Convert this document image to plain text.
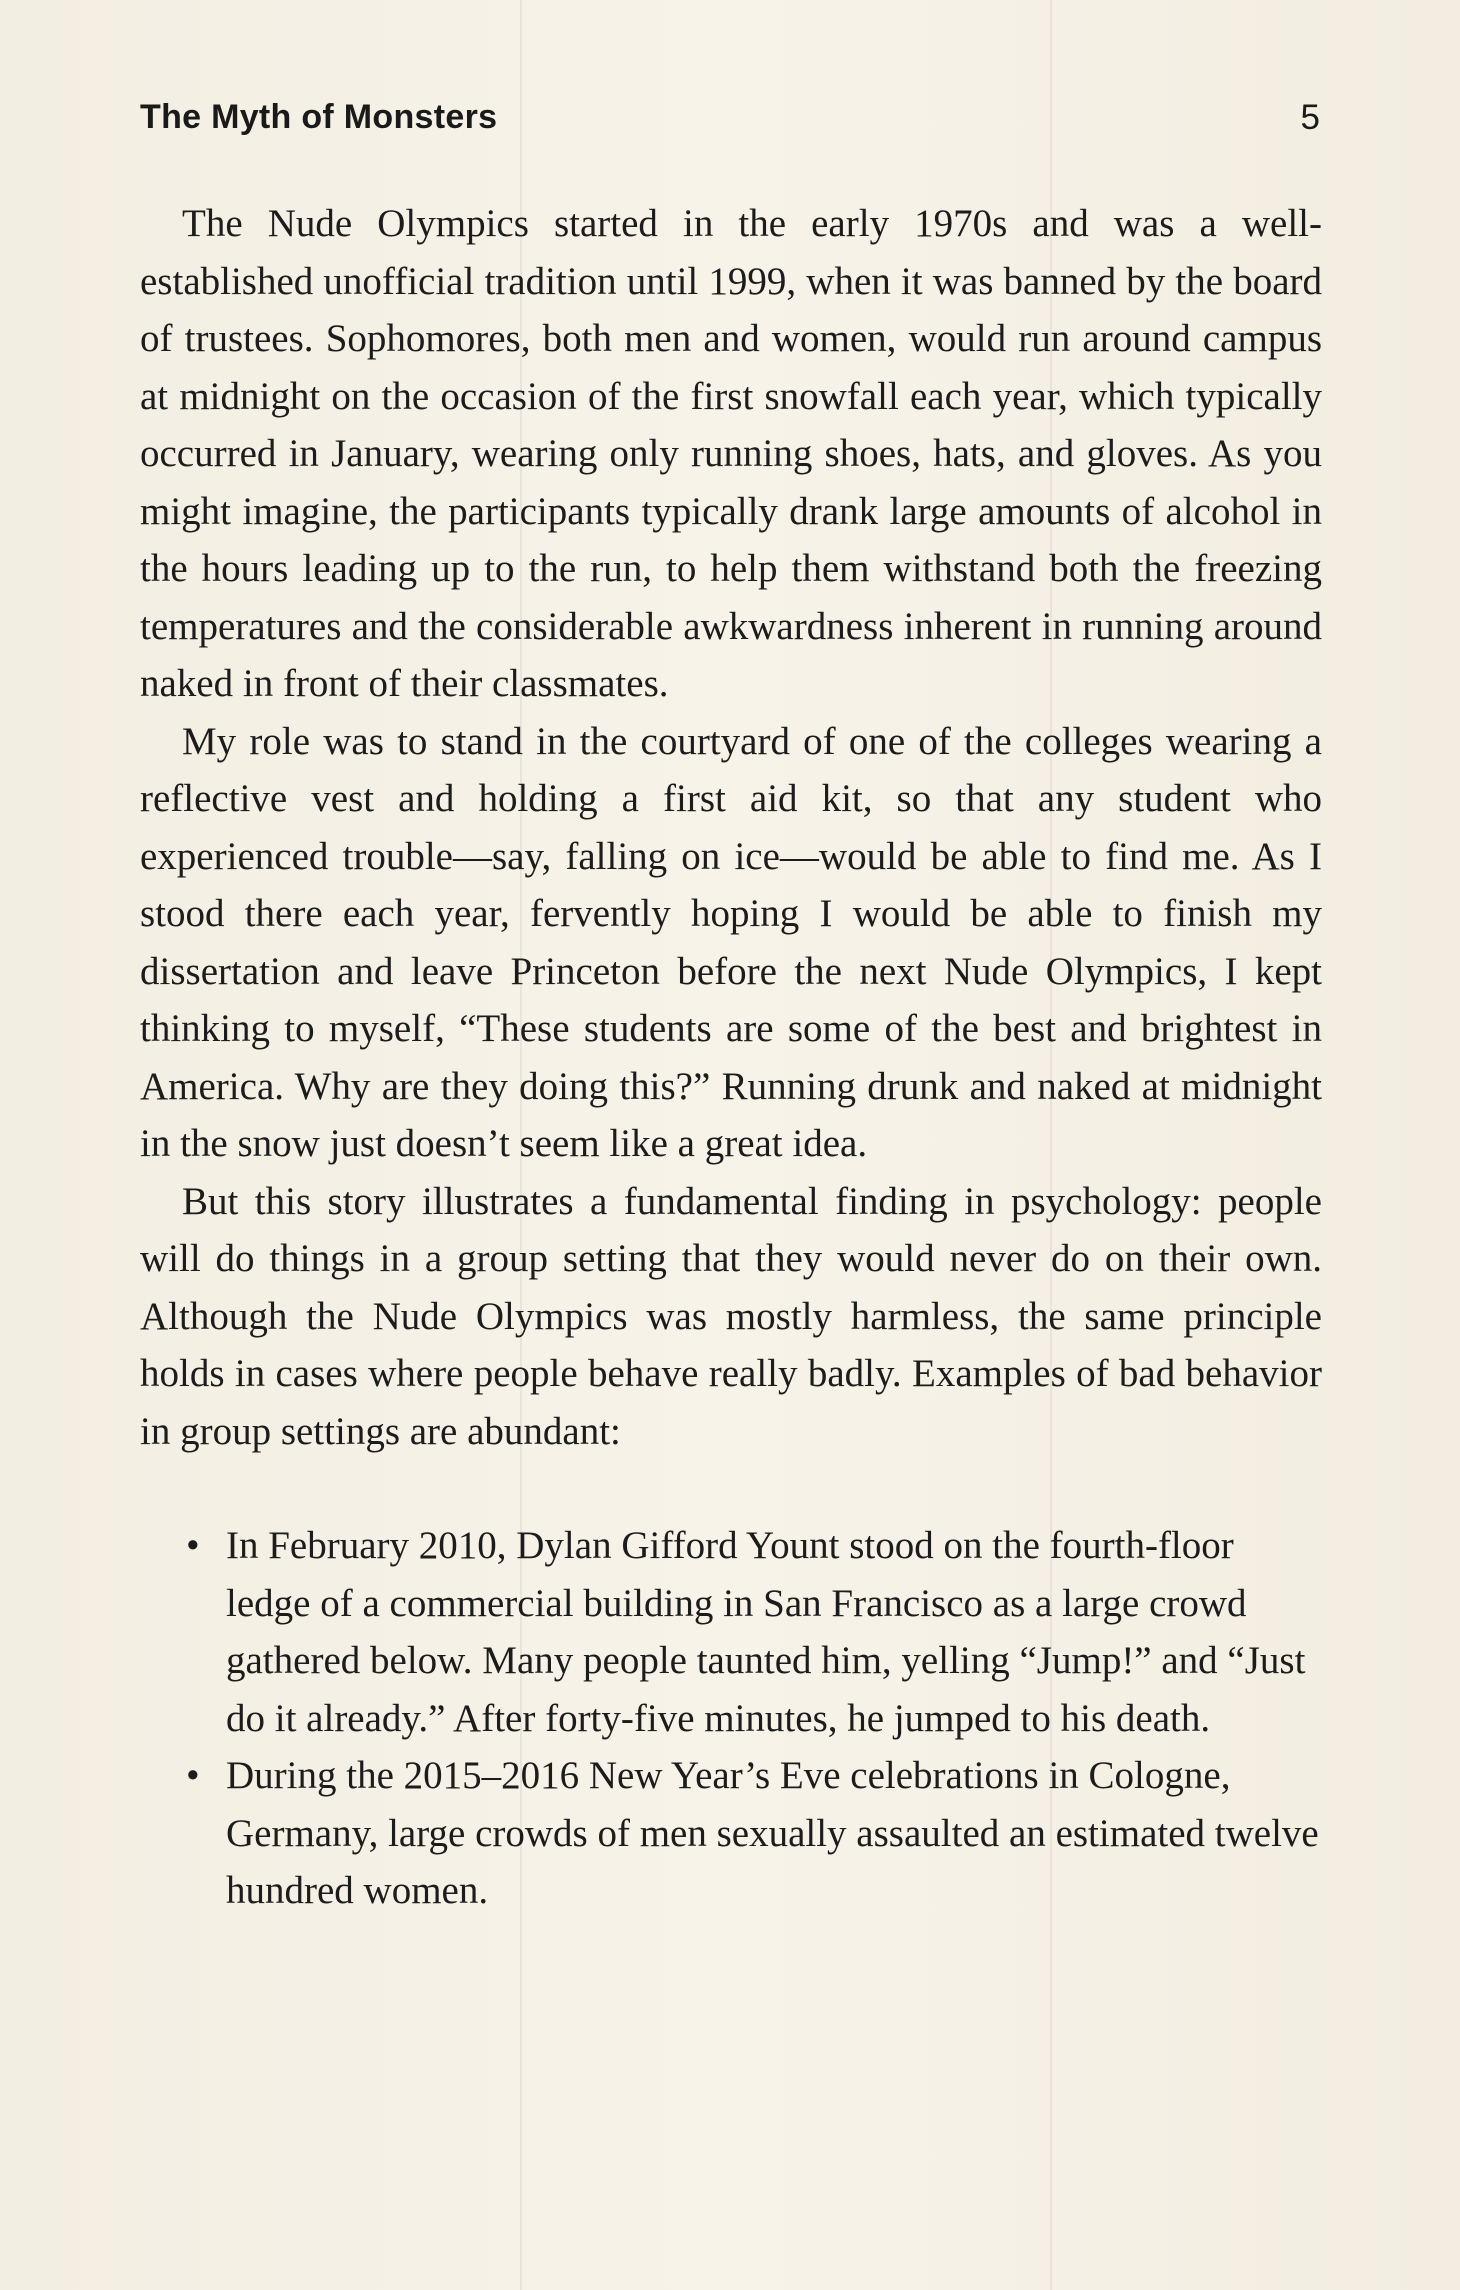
The Myth of Monsters	5

The Nude Olympics started in the early 1970s and was a well-established unofficial tradition until 1999, when it was banned by the board of trustees. Sophomores, both men and women, would run around campus at midnight on the occasion of the first snowfall each year, which typically occurred in January, wearing only running shoes, hats, and gloves. As you might imagine, the participants typically drank large amounts of alcohol in the hours leading up to the run, to help them withstand both the freezing temperatures and the considerable awkwardness inherent in running around naked in front of their classmates.

My role was to stand in the courtyard of one of the colleges wearing a reflective vest and holding a first aid kit, so that any student who experienced trouble—say, falling on ice—would be able to find me. As I stood there each year, fervently hoping I would be able to finish my dissertation and leave Princeton before the next Nude Olympics, I kept thinking to myself, “These students are some of the best and brightest in America. Why are they doing this?” Running drunk and naked at midnight in the snow just doesn’t seem like a great idea.

But this story illustrates a fundamental finding in psychology: people will do things in a group setting that they would never do on their own. Although the Nude Olympics was mostly harmless, the same principle holds in cases where people behave really badly. Examples of bad behavior in group settings are abundant:

• In February 2010, Dylan Gifford Yount stood on the fourth-floor ledge of a commercial building in San Francisco as a large crowd gathered below. Many people taunted him, yelling “Jump!” and “Just do it already.” After forty-five minutes, he jumped to his death.
• During the 2015–2016 New Year’s Eve celebrations in Cologne, Germany, large crowds of men sexually assaulted an estimated twelve hundred women.
